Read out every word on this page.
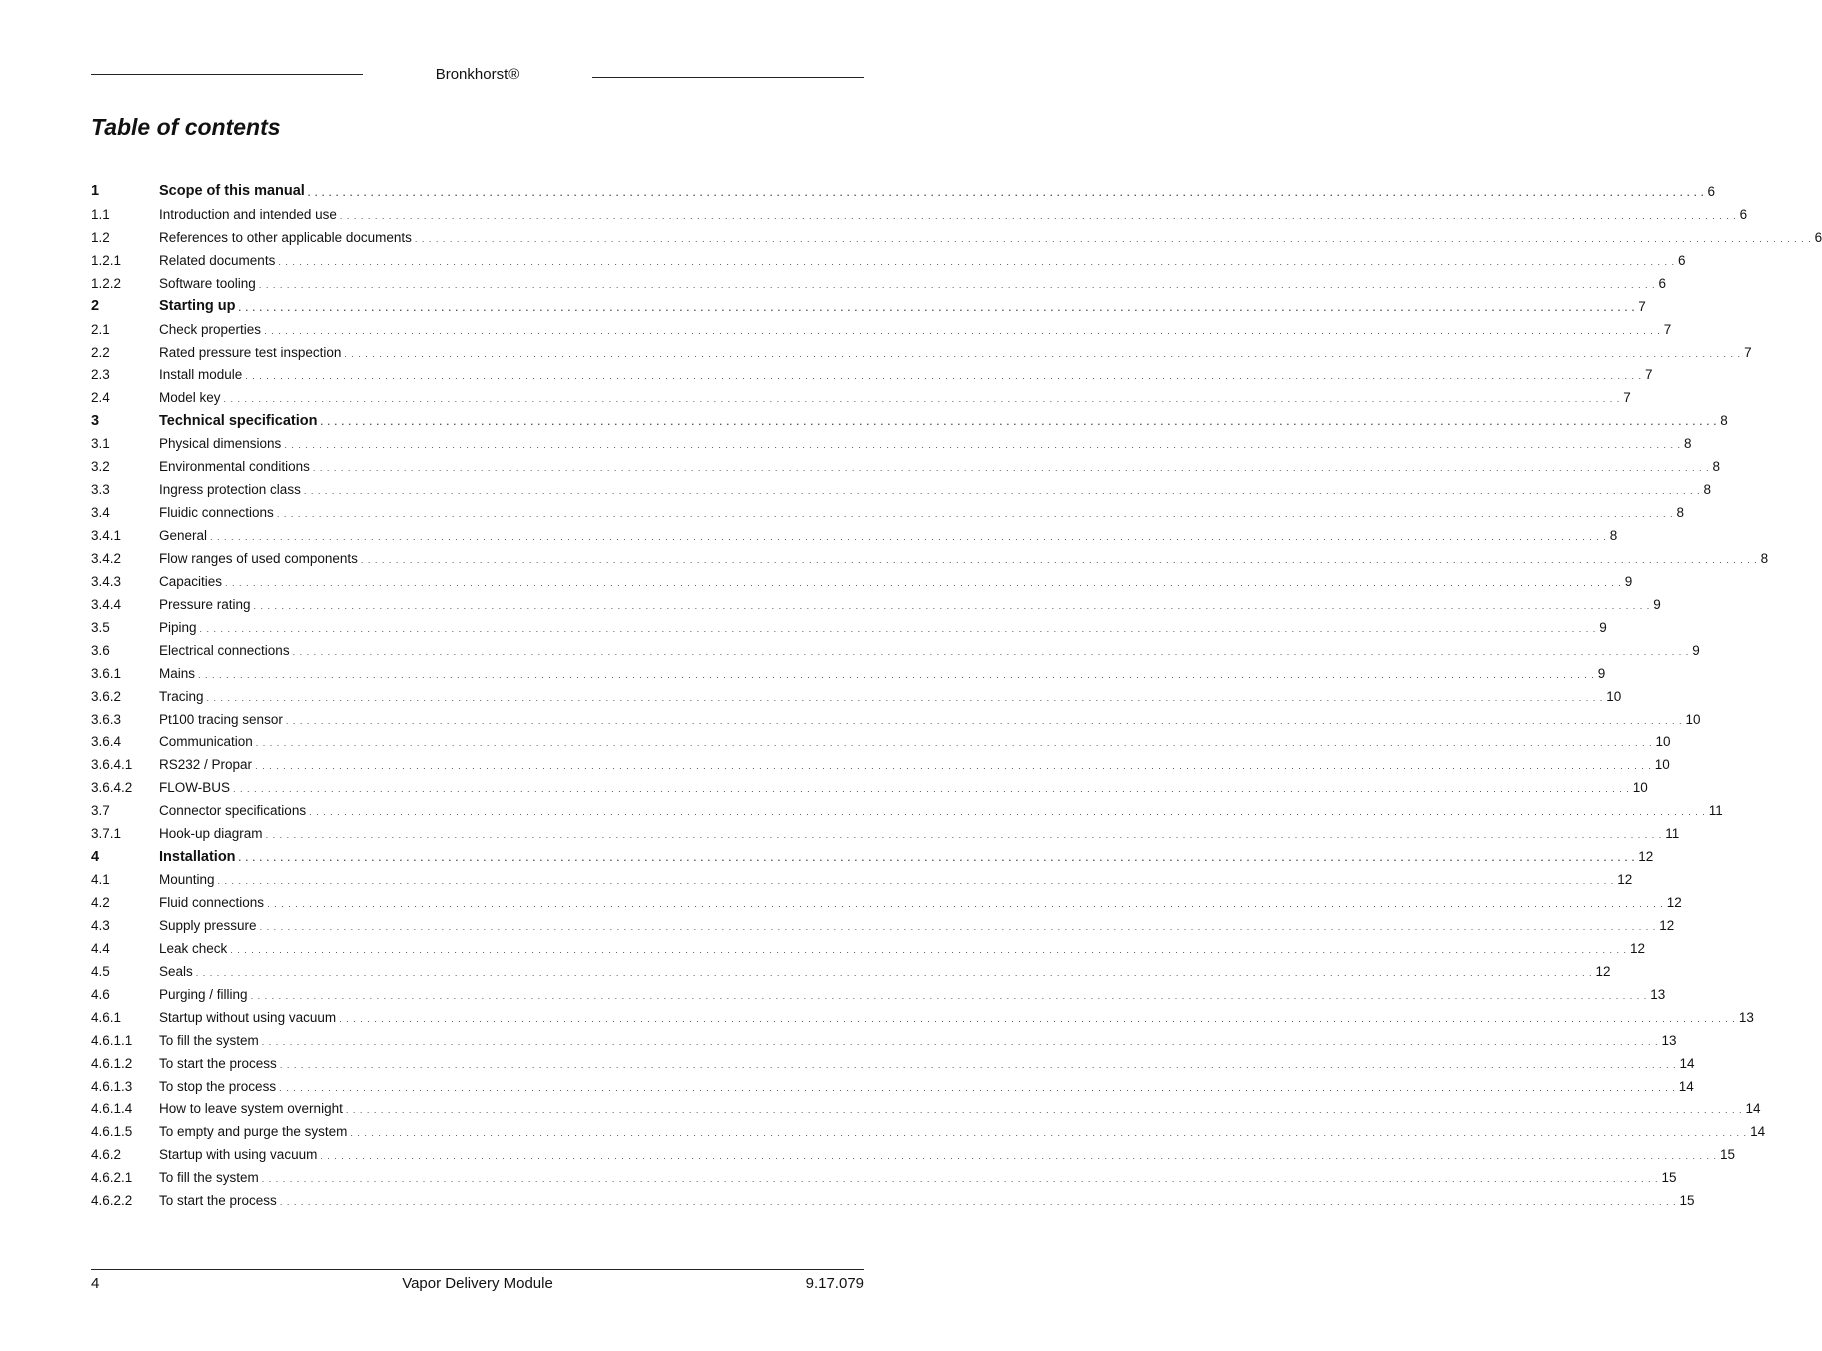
Bronkhorst®
Table of contents
1	Scope of this manual . . . . . . . . . . . . . . . . . . . . . . . . . . . . . . . . . . . . . . . . . . . . . . . . . . . . . . . . . . . . . . . . . . . . . . . . . . . . . . . . . . . . . . . . . . . . . . . . . . . . . . . . . . . . . . . . . . . . . . . . . . . . . . . . . . . . . . . . . . . . . . . . . . . . . . . . . . . . . . . . . . . . . . . . . . . . . . . . . . . . . . . . . . . . . . . . . . . . . . . . 6
1.1	Introduction and intended use . . . . . . . . . . . . . . . . . . . . . . . . . . . . . . . . . . . . . . . . . . . . . . . . . . . . . . . . . . . . . . . . . . . . . . . . . . . . . . . . . . . . . . . . . . . . . . . . . . . . . . . . . . . . . . . . . . . . . . . . . . . . . . . . . . . . . . . . . . . . . . . . . . . . . . . . . . . . . . . . . . . . . . . . . . . . . . . . . . . . . . . . . . . . . . . . . . . . . . . . 6
1.2	References to other applicable documents . . . . . . . . . . . . . . . . . . . . . . . . . . . . . . . . . . . . . . . . . . . . . . . . . . . . . . . . . . . . . . . . . . . . . . . . . . . . . . . . . . . . . . . . . . . . . . . . . . . . . . . . . . . . . . . . . . . . . . . . . . . . . . . . . . . . . . . . . . . . . . . . . . . . . . . . . . . . . . . . . . . . . . . . . . . . . . . . . . . . . . . . . . . . . . . . . . . . . . . . 6
1.2.1	Related documents . . . . . . . . . . . . . . . . . . . . . . . . . . . . . . . . . . . . . . . . . . . . . . . . . . . . . . . . . . . . . . . . . . . . . . . . . . . . . . . . . . . . . . . . . . . . . . . . . . . . . . . . . . . . . . . . . . . . . . . . . . . . . . . . . . . . . . . . . . . . . . . . . . . . . . . . . . . . . . . . . . . . . . . . . . . . . . . . . . . . . . . . . . . . . . . . . . . . . . . . 6
1.2.2	Software tooling . . . . . . . . . . . . . . . . . . . . . . . . . . . . . . . . . . . . . . . . . . . . . . . . . . . . . . . . . . . . . . . . . . . . . . . . . . . . . . . . . . . . . . . . . . . . . . . . . . . . . . . . . . . . . . . . . . . . . . . . . . . . . . . . . . . . . . . . . . . . . . . . . . . . . . . . . . . . . . . . . . . . . . . . . . . . . . . . . . . . . . . . . . . . . . . . . . . . . . . . 6
2	Starting up . . . . . . . . . . . . . . . . . . . . . . . . . . . . . . . . . . . . . . . . . . . . . . . . . . . . . . . . . . . . . . . . . . . . . . . . . . . . . . . . . . . . . . . . . . . . . . . . . . . . . . . . . . . . . . . . . . . . . . . . . . . . . . . . . . . . . . . . . . . . . . . . . . . . . . . . . . . . . . . . . . . . . . . . . . . . . . . . . . . . . . . . . . . . . . . . . . . . . . . . 7
2.1	Check properties . . . . . . . . . . . . . . . . . . . . . . . . . . . . . . . . . . . . . . . . . . . . . . . . . . . . . . . . . . . . . . . . . . . . . . . . . . . . . . . . . . . . . . . . . . . . . . . . . . . . . . . . . . . . . . . . . . . . . . . . . . . . . . . . . . . . . . . . . . . . . . . . . . . . . . . . . . . . . . . . . . . . . . . . . . . . . . . . . . . . . . . . . . . . . . . . . . . . . . . . 7
2.2	Rated pressure test inspection . . . . . . . . . . . . . . . . . . . . . . . . . . . . . . . . . . . . . . . . . . . . . . . . . . . . . . . . . . . . . . . . . . . . . . . . . . . . . . . . . . . . . . . . . . . . . . . . . . . . . . . . . . . . . . . . . . . . . . . . . . . . . . . . . . . . . . . . . . . . . . . . . . . . . . . . . . . . . . . . . . . . . . . . . . . . . . . . . . . . . . . . . . . . . . . . . . . . . . . . 7
2.3	Install module . . . . . . . . . . . . . . . . . . . . . . . . . . . . . . . . . . . . . . . . . . . . . . . . . . . . . . . . . . . . . . . . . . . . . . . . . . . . . . . . . . . . . . . . . . . . . . . . . . . . . . . . . . . . . . . . . . . . . . . . . . . . . . . . . . . . . . . . . . . . . . . . . . . . . . . . . . . . . . . . . . . . . . . . . . . . . . . . . . . . . . . . . . . . . . . . . . . . . . . . 7
2.4	Model key . . . . . . . . . . . . . . . . . . . . . . . . . . . . . . . . . . . . . . . . . . . . . . . . . . . . . . . . . . . . . . . . . . . . . . . . . . . . . . . . . . . . . . . . . . . . . . . . . . . . . . . . . . . . . . . . . . . . . . . . . . . . . . . . . . . . . . . . . . . . . . . . . . . . . . . . . . . . . . . . . . . . . . . . . . . . . . . . . . . . . . . . . . . . . . . . . . . . . . . . 7
3	Technical specification . . . . . . . . . . . . . . . . . . . . . . . . . . . . . . . . . . . . . . . . . . . . . . . . . . . . . . . . . . . . . . . . . . . . . . . . . . . . . . . . . . . . . . . . . . . . . . . . . . . . . . . . . . . . . . . . . . . . . . . . . . . . . . . . . . . . . . . . . . . . . . . . . . . . . . . . . . . . . . . . . . . . . . . . . . . . . . . . . . . . . . . . . . . . . . . . . . . . . . . . 8
3.1	Physical dimensions . . . . . . . . . . . . . . . . . . . . . . . . . . . . . . . . . . . . . . . . . . . . . . . . . . . . . . . . . . . . . . . . . . . . . . . . . . . . . . . . . . . . . . . . . . . . . . . . . . . . . . . . . . . . . . . . . . . . . . . . . . . . . . . . . . . . . . . . . . . . . . . . . . . . . . . . . . . . . . . . . . . . . . . . . . . . . . . . . . . . . . . . . . . . . . . . . . . . . . . . 8
3.2	Environmental conditions . . . . . . . . . . . . . . . . . . . . . . . . . . . . . . . . . . . . . . . . . . . . . . . . . . . . . . . . . . . . . . . . . . . . . . . . . . . . . . . . . . . . . . . . . . . . . . . . . . . . . . . . . . . . . . . . . . . . . . . . . . . . . . . . . . . . . . . . . . . . . . . . . . . . . . . . . . . . . . . . . . . . . . . . . . . . . . . . . . . . . . . . . . . . . . . . . . . . . . . . 8
3.3	Ingress protection class . . . . . . . . . . . . . . . . . . . . . . . . . . . . . . . . . . . . . . . . . . . . . . . . . . . . . . . . . . . . . . . . . . . . . . . . . . . . . . . . . . . . . . . . . . . . . . . . . . . . . . . . . . . . . . . . . . . . . . . . . . . . . . . . . . . . . . . . . . . . . . . . . . . . . . . . . . . . . . . . . . . . . . . . . . . . . . . . . . . . . . . . . . . . . . . . . . . . . . . . 8
3.4	Fluidic connections . . . . . . . . . . . . . . . . . . . . . . . . . . . . . . . . . . . . . . . . . . . . . . . . . . . . . . . . . . . . . . . . . . . . . . . . . . . . . . . . . . . . . . . . . . . . . . . . . . . . . . . . . . . . . . . . . . . . . . . . . . . . . . . . . . . . . . . . . . . . . . . . . . . . . . . . . . . . . . . . . . . . . . . . . . . . . . . . . . . . . . . . . . . . . . . . . . . . . . . . 8
3.4.1	General . . . . . . . . . . . . . . . . . . . . . . . . . . . . . . . . . . . . . . . . . . . . . . . . . . . . . . . . . . . . . . . . . . . . . . . . . . . . . . . . . . . . . . . . . . . . . . . . . . . . . . . . . . . . . . . . . . . . . . . . . . . . . . . . . . . . . . . . . . . . . . . . . . . . . . . . . . . . . . . . . . . . . . . . . . . . . . . . . . . . . . . . . . . . . . . . . . . . . . . . 8
3.4.2	Flow ranges of used components . . . . . . . . . . . . . . . . . . . . . . . . . . . . . . . . . . . . . . . . . . . . . . . . . . . . . . . . . . . . . . . . . . . . . . . . . . . . . . . . . . . . . . . . . . . . . . . . . . . . . . . . . . . . . . . . . . . . . . . . . . . . . . . . . . . . . . . . . . . . . . . . . . . . . . . . . . . . . . . . . . . . . . . . . . . . . . . . . . . . . . . . . . . . . . . . . . . . . . . . 8
3.4.3	Capacities . . . . . . . . . . . . . . . . . . . . . . . . . . . . . . . . . . . . . . . . . . . . . . . . . . . . . . . . . . . . . . . . . . . . . . . . . . . . . . . . . . . . . . . . . . . . . . . . . . . . . . . . . . . . . . . . . . . . . . . . . . . . . . . . . . . . . . . . . . . . . . . . . . . . . . . . . . . . . . . . . . . . . . . . . . . . . . . . . . . . . . . . . . . . . . . . . . . . . . . . 9
3.4.4	Pressure rating . . . . . . . . . . . . . . . . . . . . . . . . . . . . . . . . . . . . . . . . . . . . . . . . . . . . . . . . . . . . . . . . . . . . . . . . . . . . . . . . . . . . . . . . . . . . . . . . . . . . . . . . . . . . . . . . . . . . . . . . . . . . . . . . . . . . . . . . . . . . . . . . . . . . . . . . . . . . . . . . . . . . . . . . . . . . . . . . . . . . . . . . . . . . . . . . . . . . . . . . 9
3.5	Piping . . . . . . . . . . . . . . . . . . . . . . . . . . . . . . . . . . . . . . . . . . . . . . . . . . . . . . . . . . . . . . . . . . . . . . . . . . . . . . . . . . . . . . . . . . . . . . . . . . . . . . . . . . . . . . . . . . . . . . . . . . . . . . . . . . . . . . . . . . . . . . . . . . . . . . . . . . . . . . . . . . . . . . . . . . . . . . . . . . . . . . . . . . . . . . . . . . . . . . . . 9
3.6	Electrical connections . . . . . . . . . . . . . . . . . . . . . . . . . . . . . . . . . . . . . . . . . . . . . . . . . . . . . . . . . . . . . . . . . . . . . . . . . . . . . . . . . . . . . . . . . . . . . . . . . . . . . . . . . . . . . . . . . . . . . . . . . . . . . . . . . . . . . . . . . . . . . . . . . . . . . . . . . . . . . . . . . . . . . . . . . . . . . . . . . . . . . . . . . . . . . . . . . . . . . . . . 9
3.6.1	Mains . . . . . . . . . . . . . . . . . . . . . . . . . . . . . . . . . . . . . . . . . . . . . . . . . . . . . . . . . . . . . . . . . . . . . . . . . . . . . . . . . . . . . . . . . . . . . . . . . . . . . . . . . . . . . . . . . . . . . . . . . . . . . . . . . . . . . . . . . . . . . . . . . . . . . . . . . . . . . . . . . . . . . . . . . . . . . . . . . . . . . . . . . . . . . . . . . . . . . . . . 9
3.6.2	Tracing . . . . . . . . . . . . . . . . . . . . . . . . . . . . . . . . . . . . . . . . . . . . . . . . . . . . . . . . . . . . . . . . . . . . . . . . . . . . . . . . . . . . . . . . . . . . . . . . . . . . . . . . . . . . . . . . . . . . . . . . . . . . . . . . . . . . . . . . . . . . . . . . . . . . . . . . . . . . . . . . . . . . . . . . . . . . . . . . . . . . . . . . . . . . . . . . . . . . . . . . 10
3.6.3	Pt100 tracing sensor . . . . . . . . . . . . . . . . . . . . . . . . . . . . . . . . . . . . . . . . . . . . . . . . . . . . . . . . . . . . . . . . . . . . . . . . . . . . . . . . . . . . . . . . . . . . . . . . . . . . . . . . . . . . . . . . . . . . . . . . . . . . . . . . . . . . . . . . . . . . . . . . . . . . . . . . . . . . . . . . . . . . . . . . . . . . . . . . . . . . . . . . . . . . . . . . . . . . . . . . 10
3.6.4	Communication . . . . . . . . . . . . . . . . . . . . . . . . . . . . . . . . . . . . . . . . . . . . . . . . . . . . . . . . . . . . . . . . . . . . . . . . . . . . . . . . . . . . . . . . . . . . . . . . . . . . . . . . . . . . . . . . . . . . . . . . . . . . . . . . . . . . . . . . . . . . . . . . . . . . . . . . . . . . . . . . . . . . . . . . . . . . . . . . . . . . . . . . . . . . . . . . . . . . . . . . 10
3.6.4.1	RS232 / Propar . . . . . . . . . . . . . . . . . . . . . . . . . . . . . . . . . . . . . . . . . . . . . . . . . . . . . . . . . . . . . . . . . . . . . . . . . . . . . . . . . . . . . . . . . . . . . . . . . . . . . . . . . . . . . . . . . . . . . . . . . . . . . . . . . . . . . . . . . . . . . . . . . . . . . . . . . . . . . . . . . . . . . . . . . . . . . . . . . . . . . . . . . . . . . . . . . . . . . . . . 10
3.6.4.2	FLOW-BUS . . . . . . . . . . . . . . . . . . . . . . . . . . . . . . . . . . . . . . . . . . . . . . . . . . . . . . . . . . . . . . . . . . . . . . . . . . . . . . . . . . . . . . . . . . . . . . . . . . . . . . . . . . . . . . . . . . . . . . . . . . . . . . . . . . . . . . . . . . . . . . . . . . . . . . . . . . . . . . . . . . . . . . . . . . . . . . . . . . . . . . . . . . . . . . . . . . . . . . . . 10
3.7	Connector specifications . . . . . . . . . . . . . . . . . . . . . . . . . . . . . . . . . . . . . . . . . . . . . . . . . . . . . . . . . . . . . . . . . . . . . . . . . . . . . . . . . . . . . . . . . . . . . . . . . . . . . . . . . . . . . . . . . . . . . . . . . . . . . . . . . . . . . . . . . . . . . . . . . . . . . . . . . . . . . . . . . . . . . . . . . . . . . . . . . . . . . . . . . . . . . . . . . . . . . . . . 11
3.7.1	Hook-up diagram . . . . . . . . . . . . . . . . . . . . . . . . . . . . . . . . . . . . . . . . . . . . . . . . . . . . . . . . . . . . . . . . . . . . . . . . . . . . . . . . . . . . . . . . . . . . . . . . . . . . . . . . . . . . . . . . . . . . . . . . . . . . . . . . . . . . . . . . . . . . . . . . . . . . . . . . . . . . . . . . . . . . . . . . . . . . . . . . . . . . . . . . . . . . . . . . . . . . . . . . 11
4	Installation . . . . . . . . . . . . . . . . . . . . . . . . . . . . . . . . . . . . . . . . . . . . . . . . . . . . . . . . . . . . . . . . . . . . . . . . . . . . . . . . . . . . . . . . . . . . . . . . . . . . . . . . . . . . . . . . . . . . . . . . . . . . . . . . . . . . . . . . . . . . . . . . . . . . . . . . . . . . . . . . . . . . . . . . . . . . . . . . . . . . . . . . . . . . . . . . . . . . . . . . 12
4.1	Mounting . . . . . . . . . . . . . . . . . . . . . . . . . . . . . . . . . . . . . . . . . . . . . . . . . . . . . . . . . . . . . . . . . . . . . . . . . . . . . . . . . . . . . . . . . . . . . . . . . . . . . . . . . . . . . . . . . . . . . . . . . . . . . . . . . . . . . . . . . . . . . . . . . . . . . . . . . . . . . . . . . . . . . . . . . . . . . . . . . . . . . . . . . . . . . . . . . . . . . . . . 12
4.2	Fluid connections . . . . . . . . . . . . . . . . . . . . . . . . . . . . . . . . . . . . . . . . . . . . . . . . . . . . . . . . . . . . . . . . . . . . . . . . . . . . . . . . . . . . . . . . . . . . . . . . . . . . . . . . . . . . . . . . . . . . . . . . . . . . . . . . . . . . . . . . . . . . . . . . . . . . . . . . . . . . . . . . . . . . . . . . . . . . . . . . . . . . . . . . . . . . . . . . . . . . . . . . 12
4.3	Supply pressure . . . . . . . . . . . . . . . . . . . . . . . . . . . . . . . . . . . . . . . . . . . . . . . . . . . . . . . . . . . . . . . . . . . . . . . . . . . . . . . . . . . . . . . . . . . . . . . . . . . . . . . . . . . . . . . . . . . . . . . . . . . . . . . . . . . . . . . . . . . . . . . . . . . . . . . . . . . . . . . . . . . . . . . . . . . . . . . . . . . . . . . . . . . . . . . . . . . . . . . . 12
4.4	Leak check . . . . . . . . . . . . . . . . . . . . . . . . . . . . . . . . . . . . . . . . . . . . . . . . . . . . . . . . . . . . . . . . . . . . . . . . . . . . . . . . . . . . . . . . . . . . . . . . . . . . . . . . . . . . . . . . . . . . . . . . . . . . . . . . . . . . . . . . . . . . . . . . . . . . . . . . . . . . . . . . . . . . . . . . . . . . . . . . . . . . . . . . . . . . . . . . . . . . . . . . 12
4.5	Seals . . . . . . . . . . . . . . . . . . . . . . . . . . . . . . . . . . . . . . . . . . . . . . . . . . . . . . . . . . . . . . . . . . . . . . . . . . . . . . . . . . . . . . . . . . . . . . . . . . . . . . . . . . . . . . . . . . . . . . . . . . . . . . . . . . . . . . . . . . . . . . . . . . . . . . . . . . . . . . . . . . . . . . . . . . . . . . . . . . . . . . . . . . . . . . . . . . . . . . . . 12
4.6	Purging / filling . . . . . . . . . . . . . . . . . . . . . . . . . . . . . . . . . . . . . . . . . . . . . . . . . . . . . . . . . . . . . . . . . . . . . . . . . . . . . . . . . . . . . . . . . . . . . . . . . . . . . . . . . . . . . . . . . . . . . . . . . . . . . . . . . . . . . . . . . . . . . . . . . . . . . . . . . . . . . . . . . . . . . . . . . . . . . . . . . . . . . . . . . . . . . . . . . . . . . . . . 13
4.6.1	Startup without using vacuum . . . . . . . . . . . . . . . . . . . . . . . . . . . . . . . . . . . . . . . . . . . . . . . . . . . . . . . . . . . . . . . . . . . . . . . . . . . . . . . . . . . . . . . . . . . . . . . . . . . . . . . . . . . . . . . . . . . . . . . . . . . . . . . . . . . . . . . . . . . . . . . . . . . . . . . . . . . . . . . . . . . . . . . . . . . . . . . . . . . . . . . . . . . . . . . . . . . . . . . . 13
4.6.1.1	To fill the system . . . . . . . . . . . . . . . . . . . . . . . . . . . . . . . . . . . . . . . . . . . . . . . . . . . . . . . . . . . . . . . . . . . . . . . . . . . . . . . . . . . . . . . . . . . . . . . . . . . . . . . . . . . . . . . . . . . . . . . . . . . . . . . . . . . . . . . . . . . . . . . . . . . . . . . . . . . . . . . . . . . . . . . . . . . . . . . . . . . . . . . . . . . . . . . . . . . . . . . . 13
4.6.1.2	To start the process . . . . . . . . . . . . . . . . . . . . . . . . . . . . . . . . . . . . . . . . . . . . . . . . . . . . . . . . . . . . . . . . . . . . . . . . . . . . . . . . . . . . . . . . . . . . . . . . . . . . . . . . . . . . . . . . . . . . . . . . . . . . . . . . . . . . . . . . . . . . . . . . . . . . . . . . . . . . . . . . . . . . . . . . . . . . . . . . . . . . . . . . . . . . . . . . . . . . . . . . 14
4.6.1.3	To stop the process . . . . . . . . . . . . . . . . . . . . . . . . . . . . . . . . . . . . . . . . . . . . . . . . . . . . . . . . . . . . . . . . . . . . . . . . . . . . . . . . . . . . . . . . . . . . . . . . . . . . . . . . . . . . . . . . . . . . . . . . . . . . . . . . . . . . . . . . . . . . . . . . . . . . . . . . . . . . . . . . . . . . . . . . . . . . . . . . . . . . . . . . . . . . . . . . . . . . . . . . 14
4.6.1.4	How to leave system overnight . . . . . . . . . . . . . . . . . . . . . . . . . . . . . . . . . . . . . . . . . . . . . . . . . . . . . . . . . . . . . . . . . . . . . . . . . . . . . . . . . . . . . . . . . . . . . . . . . . . . . . . . . . . . . . . . . . . . . . . . . . . . . . . . . . . . . . . . . . . . . . . . . . . . . . . . . . . . . . . . . . . . . . . . . . . . . . . . . . . . . . . . . . . . . . . . . . . . . . . . 14
4.6.1.5	To empty and purge the system . . . . . . . . . . . . . . . . . . . . . . . . . . . . . . . . . . . . . . . . . . . . . . . . . . . . . . . . . . . . . . . . . . . . . . . . . . . . . . . . . . . . . . . . . . . . . . . . . . . . . . . . . . . . . . . . . . . . . . . . . . . . . . . . . . . . . . . . . . . . . . . . . . . . . . . . . . . . . . . . . . . . . . . . . . . . . . . . . . . . . . . . . . . . . . . . . . . . . . . . 14
4.6.2	Startup with using vacuum . . . . . . . . . . . . . . . . . . . . . . . . . . . . . . . . . . . . . . . . . . . . . . . . . . . . . . . . . . . . . . . . . . . . . . . . . . . . . . . . . . . . . . . . . . . . . . . . . . . . . . . . . . . . . . . . . . . . . . . . . . . . . . . . . . . . . . . . . . . . . . . . . . . . . . . . . . . . . . . . . . . . . . . . . . . . . . . . . . . . . . . . . . . . . . . . . . . . . . . . 15
4.6.2.1	To fill the system . . . . . . . . . . . . . . . . . . . . . . . . . . . . . . . . . . . . . . . . . . . . . . . . . . . . . . . . . . . . . . . . . . . . . . . . . . . . . . . . . . . . . . . . . . . . . . . . . . . . . . . . . . . . . . . . . . . . . . . . . . . . . . . . . . . . . . . . . . . . . . . . . . . . . . . . . . . . . . . . . . . . . . . . . . . . . . . . . . . . . . . . . . . . . . . . . . . . . . . . 15
4.6.2.2	To start the process . . . . . . . . . . . . . . . . . . . . . . . . . . . . . . . . . . . . . . . . . . . . . . . . . . . . . . . . . . . . . . . . . . . . . . . . . . . . . . . . . . . . . . . . . . . . . . . . . . . . . . . . . . . . . . . . . . . . . . . . . . . . . . . . . . . . . . . . . . . . . . . . . . . . . . . . . . . . . . . . . . . . . . . . . . . . . . . . . . . . . . . . . . . . . . . . . . . . . . . . 15
4	Vapor Delivery Module	9.17.079
